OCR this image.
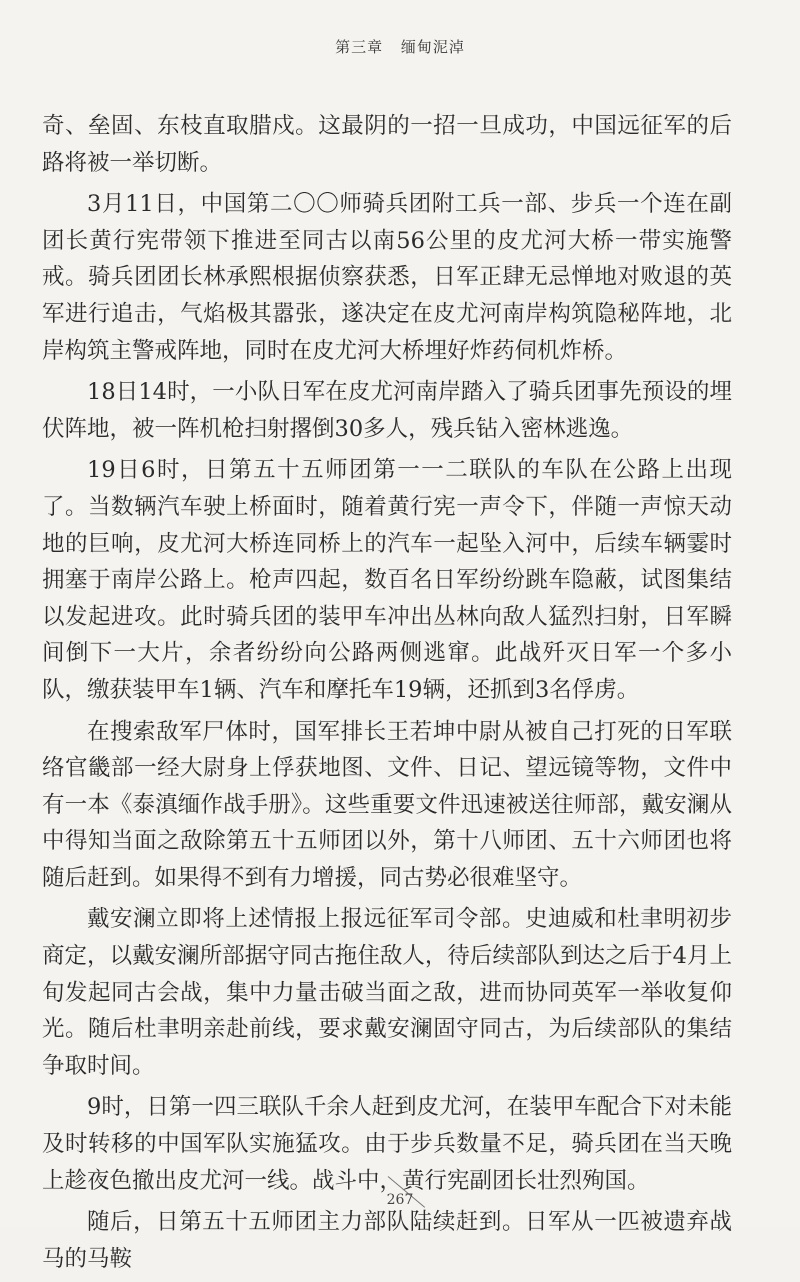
第三章 缅甸泥淖

奇、垒固、东枝直取腊戍。这最阴的一招一旦成功，中国远征军的后路将被一举切断。

3月11日，中国第二〇〇师骑兵团附工兵一部、步兵一个连在副团长黄行宪带领下推进至同古以南56公里的皮尤河大桥一带实施警戒。骑兵团团长林承熙根据侦察获悉，日军正肆无忌惮地对败退的英军进行追击，气焰极其嚣张，遂决定在皮尤河南岸构筑隐秘阵地，北岸构筑主警戒阵地，同时在皮尤河大桥埋好炸药伺机炸桥。

18日14时，一小队日军在皮尤河南岸踏入了骑兵团事先预设的埋伏阵地，被一阵机枪扫射撂倒30多人，残兵钻入密林逃逸。

19日6时，日第五十五师团第一一二联队的车队在公路上出现了。当数辆汽车驶上桥面时，随着黄行宪一声令下，伴随一声惊天动地的巨响，皮尤河大桥连同桥上的汽车一起坠入河中，后续车辆霎时拥塞于南岸公路上。枪声四起，数百名日军纷纷跳车隐蔽，试图集结以发起进攻。此时骑兵团的装甲车冲出丛林向敌人猛烈扫射，日军瞬间倒下一大片，余者纷纷向公路两侧逃窜。此战歼灭日军一个多小队，缴获装甲车1辆、汽车和摩托车19辆，还抓到3名俘虏。

在搜索敌军尸体时，国军排长王若坤中尉从被自己打死的日军联络官畿部一经大尉身上俘获地图、文件、日记、望远镜等物，文件中有一本《泰滇缅作战手册》。这些重要文件迅速被送往师部，戴安澜从中得知当面之敌除第五十五师团以外，第十八师团、五十六师团也将随后赶到。如果得不到有力增援，同古势必很难坚守。

戴安澜立即将上述情报上报远征军司令部。史迪威和杜聿明初步商定，以戴安澜所部据守同古拖住敌人，待后续部队到达之后于4月上旬发起同古会战，集中力量击破当面之敌，进而协同英军一举收复仰光。随后杜聿明亲赴前线，要求戴安澜固守同古，为后续部队的集结争取时间。

9时，日第一四三联队千余人赶到皮尤河，在装甲车配合下对未能及时转移的中国军队实施猛攻。由于步兵数量不足，骑兵团在当天晚上趁夜色撤出皮尤河一线。战斗中，黄行宪副团长壮烈殉国。

随后，日第五十五师团主力部队陆续赶到。日军从一匹被遗弃战马的马鞍

267
